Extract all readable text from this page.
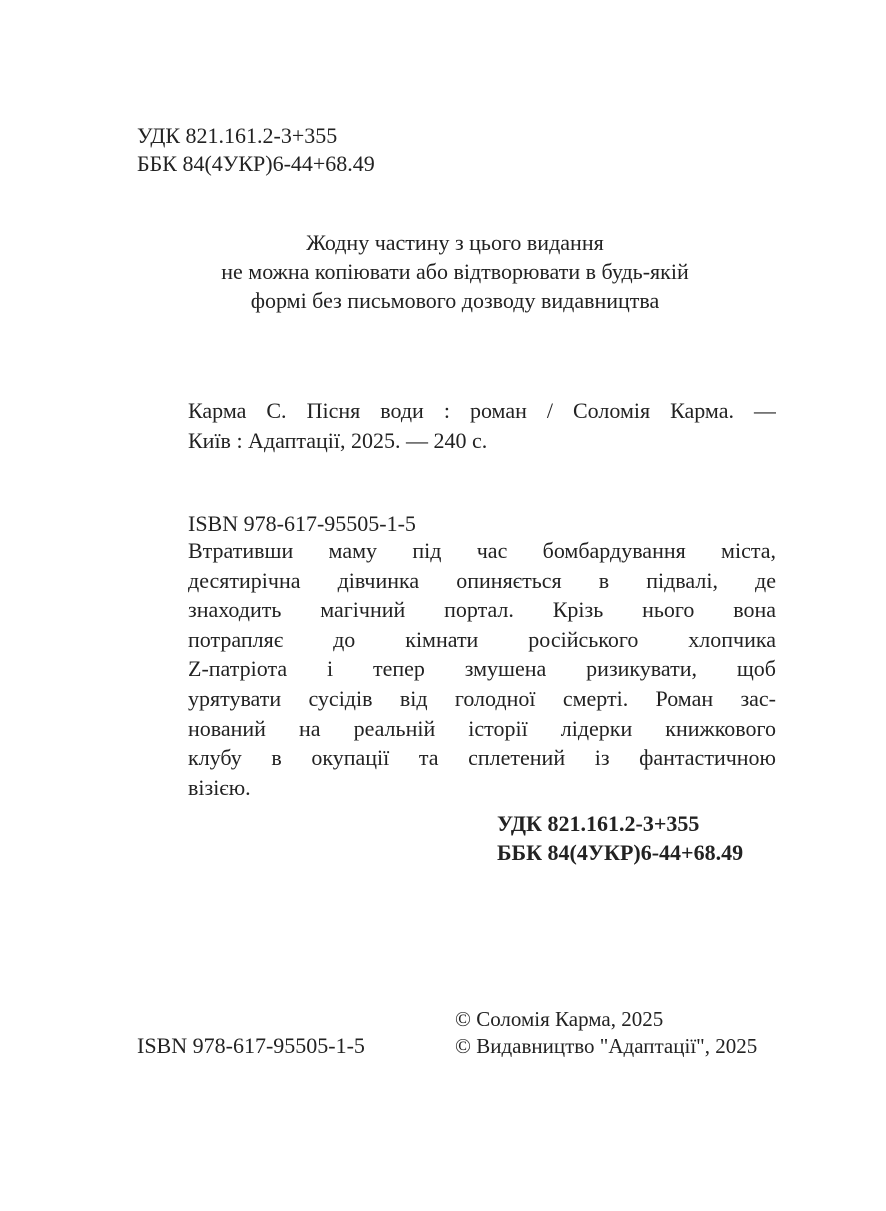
УДК 821.161.2-3+355
ББК 84(4УКР)6-44+68.49
Жодну частину з цього видання
не можна копіювати або відтворювати в будь-якій
формі без письмового дозводу видавництва
Карма С. Пісня води : роман / Соломія Карма. —
Київ : Адаптації, 2025. — 240 с.
ISBN 978-617-95505-1-5
Втративши маму під час бомбардування міста,
десятирічна дівчинка опиняється в підвалі, де
знаходить магічний портал. Крізь нього вона
потрапляє до кімнати російського хлопчика
Z-патріота і тепер змушена ризикувати, щоб
урятувати сусідів від голодної смерті. Роман зас-
нований на реальній історії лідерки книжкового
клубу в окупації та сплетений із фантастичною
візією.
УДК 821.161.2-3+355
ББК 84(4УКР)6-44+68.49
© Соломія Карма, 2025
© Видавництво "Адаптації", 2025
ISBN 978-617-95505-1-5
